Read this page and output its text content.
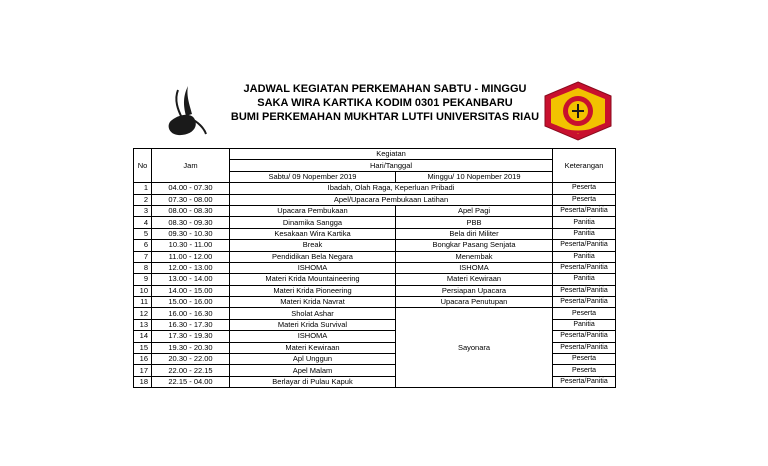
JADWAL KEGIATAN PERKEMAHAN SABTU - MINGGU
SAKA WIRA KARTIKA KODIM 0301 PEKANBARU
BUMI PERKEMAHAN MUKHTAR LUTFI UNIVERSITAS RIAU
No	Jam	Kegiatan		Keterangan
		Hari/Tanggal		
		Sabtu/ 09 Nopember 2019	Minggu/ 10 Nopember 2019	
1	04.00 - 07.30	Ibadah, Olah Raga, Keperluan Pribadi		Peserta
2	07.30 - 08.00	Apel/Upacara Pembukaan Latihan		Peserta
3	08.00 - 08.30	Upacara Pembukaan	Apel Pagi	Peserta/Panitia
4	08.30 - 09.30	Dinamika Sangga	PBB	Panitia
5	09.30 - 10.30	Kesakaan Wira Kartika	Bela diri Militer	Panitia
6	10.30 - 11.00	Break	Bongkar Pasang Senjata	Peserta/Panitia
7	11.00 - 12.00	Pendidikan Bela Negara	Menembak	Panitia
8	12.00 - 13.00	ISHOMA	ISHOMA	Peserta/Panitia
9	13.00 - 14.00	Materi Krida Mountaineering	Materi Kewiraan	Panitia
10	14.00 - 15.00	Materi Krida Pioneering	Persiapan Upacara	Peserta/Panitia
11	15.00 - 16.00	Materi Krida Navrat	Upacara Penutupan	Peserta/Panitia
12	16.00 - 16.30	Sholat Ashar	Sayonara	Peserta
13	16.30 - 17.30	Materi Krida Survival		Panitia
14	17.30 - 19.30	ISHOMA		Peserta/Panitia
15	19.30 - 20.30	Materi Kewiraan		Peserta/Panitia
16	20.30 - 22.00	Apl Unggun		Peserta
17	22.00 - 22.15	Apel Malam		Peserta
18	22.15 - 04.00	Berlayar di Pulau Kapuk		Peserta/Panitia
